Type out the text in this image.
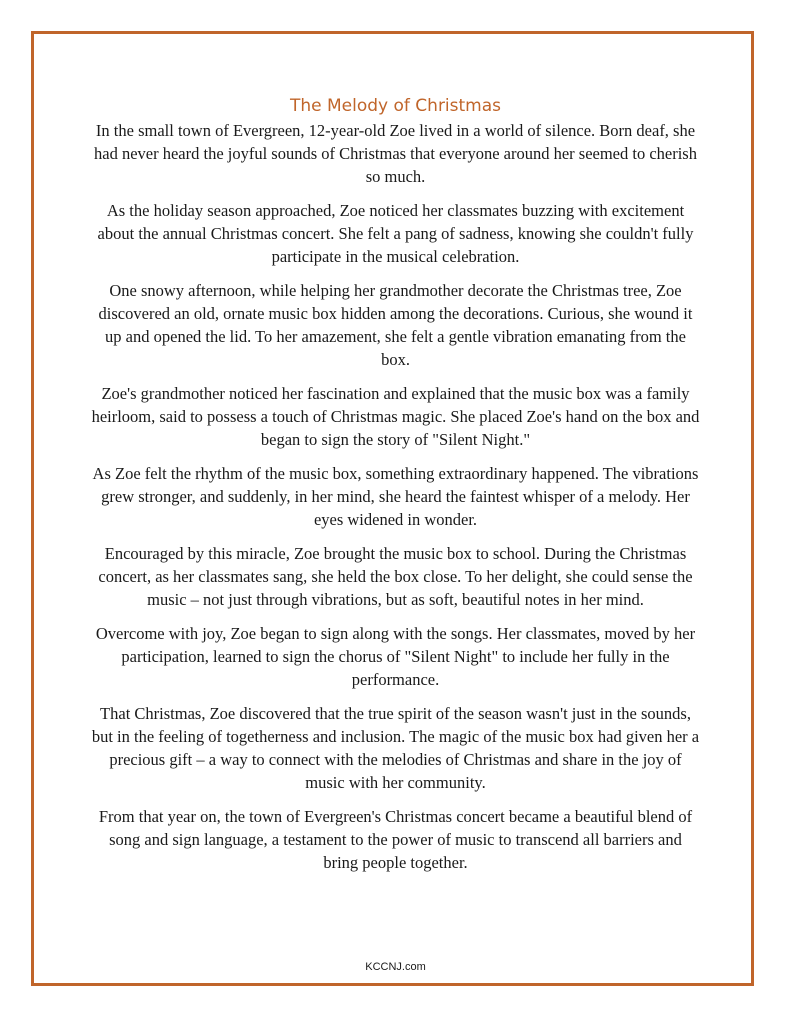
The Melody of Christmas

In the small town of Evergreen, 12-year-old Zoe lived in a world of silence. Born deaf, she had never heard the joyful sounds of Christmas that everyone around her seemed to cherish so much.

As the holiday season approached, Zoe noticed her classmates buzzing with excitement about the annual Christmas concert. She felt a pang of sadness, knowing she couldn't fully participate in the musical celebration.

One snowy afternoon, while helping her grandmother decorate the Christmas tree, Zoe discovered an old, ornate music box hidden among the decorations. Curious, she wound it up and opened the lid. To her amazement, she felt a gentle vibration emanating from the box.

Zoe's grandmother noticed her fascination and explained that the music box was a family heirloom, said to possess a touch of Christmas magic. She placed Zoe's hand on the box and began to sign the story of "Silent Night."

As Zoe felt the rhythm of the music box, something extraordinary happened. The vibrations grew stronger, and suddenly, in her mind, she heard the faintest whisper of a melody. Her eyes widened in wonder.

Encouraged by this miracle, Zoe brought the music box to school. During the Christmas concert, as her classmates sang, she held the box close. To her delight, she could sense the music – not just through vibrations, but as soft, beautiful notes in her mind.

Overcome with joy, Zoe began to sign along with the songs. Her classmates, moved by her participation, learned to sign the chorus of "Silent Night" to include her fully in the performance.

That Christmas, Zoe discovered that the true spirit of the season wasn't just in the sounds, but in the feeling of togetherness and inclusion. The magic of the music box had given her a precious gift – a way to connect with the melodies of Christmas and share in the joy of music with her community.

From that year on, the town of Evergreen's Christmas concert became a beautiful blend of song and sign language, a testament to the power of music to transcend all barriers and bring people together.

KCCNJ.com
